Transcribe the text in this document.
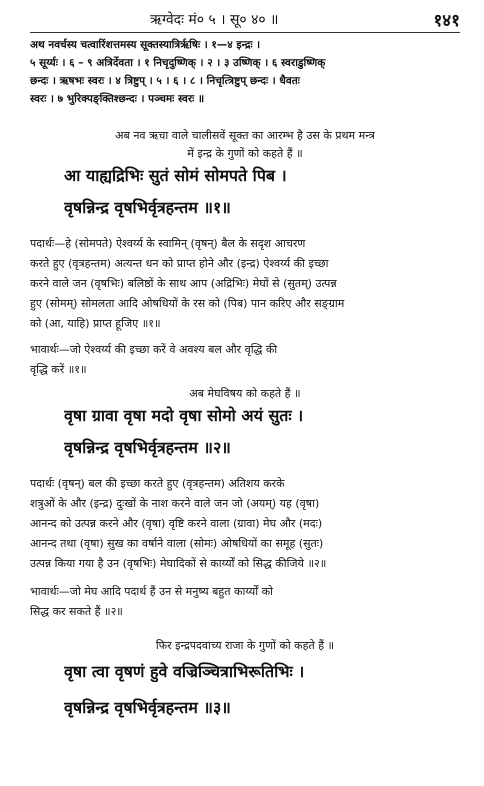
ऋग्वेदः मं० ५ । सू० ४० ॥	१४१
अथ नवर्चस्य चत्वारिंशत्तमस्य सूक्तस्यात्रिर्ऋषिः । १—४ इन्द्रः ।
५ सूर्य्यः । ६ – ९ अत्रिर्देवता । १ निचृदुष्णिक् । २ । ३ उष्णिक् । ६ स्वराडुष्णिक्
छन्दः । ऋषभः स्वरः । ४ त्रिष्टुप् । ५ । ६ । ८ । निचृत्त्रिष्टुप् छन्दः । धैवतः
स्वरः । ७ भुरिक्पङ्क्तिश्छन्दः । पञ्चमः स्वरः ॥
अब नव ऋचा वाले चालीसवें सूक्त का आरम्भ है उस के प्रथम मन्त्र
में इन्द्र के गुणों को कहते हैं ॥
आ याह्यद्रिभिः सुतं सोमं सोमपते पिब ।
वृषन्निन्द्र वृषभिर्वृत्रहन्तम ॥१॥
पदार्थः—हे (सोमपते) ऐश्वर्य्य के स्वामिन् (वृषन्) बैल के सदृश आचरण
करते हुए (वृत्रहन्तम) अत्यन्त धन को प्राप्त होने और (इन्द्र) ऐश्वर्य्य की इच्छा
करने वाले जन (वृषभिः) बलिष्ठों के साथ आप (अद्रिभिः) मेघों से (सुतम्) उत्पन्न
हुए (सोमम्) सोमलता आदि ओषधियों के रस को (पिब) पान करिए और सङ्ग्राम
को (आ, याहि) प्राप्त हूजिए ॥१॥
भावार्थः—जो ऐश्वर्य्य की इच्छा करें वे अवश्य बल और वृद्धि की
वृद्धि करें ॥१॥
अब मेघविषय को कहते हैं ॥
वृषा ग्रावा वृषा मदो वृषा सोमो अयं सुतः ।
वृषन्निन्द्र वृषभिर्वृत्रहन्तम ॥२॥
पदार्थः (वृषन्) बल की इच्छा करते हुए (वृत्रहन्तम) अतिशय करके
शत्रुओं के और (इन्द्र) दुःखों के नाश करने वाले जन जो (अयम्) यह (वृषा)
आनन्द को उत्पन्न करने और (वृषा) वृष्टि करने वाला (ग्रावा) मेघ और (मदः)
आनन्द तथा (वृषा) सुख का वर्षाने वाला (सोमः) ओषधियों का समूह (सुतः)
उत्पन्न किया गया है उन (वृषभिः) मेघादिकों से कार्य्यों को सिद्ध कीजिये ॥२॥
भावार्थः—जो मेघ आदि पदार्थ हैं उन से मनुष्य बहुत कार्य्यों को
सिद्ध कर सकते हैं ॥२॥
फिर इन्द्रपदवाच्य राजा के गुणों को कहते हैं ॥
वृषा त्वा वृषणं हुवे वज्रिञ्चित्राभिरूतिभिः ।
वृषन्निन्द्र वृषभिर्वृत्रहन्तम ॥३॥
